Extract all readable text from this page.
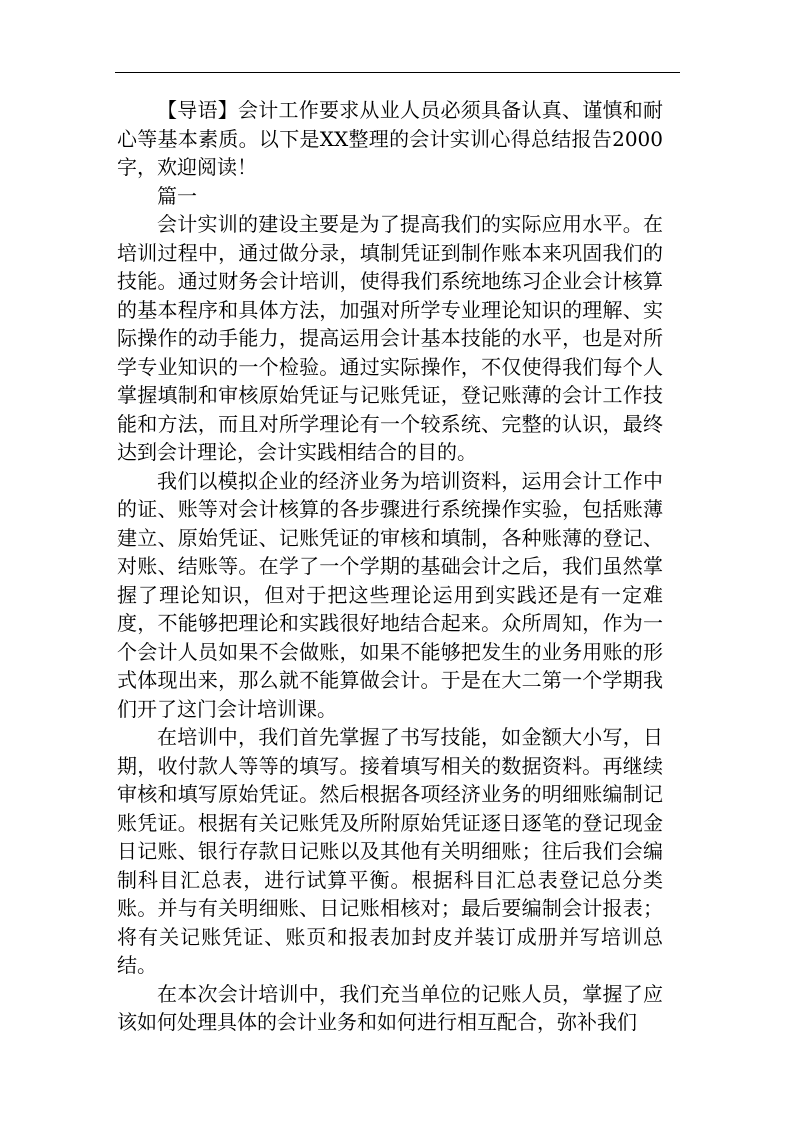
【导语】会计工作要求从业人员必须具备认真、谨慎和耐心等基本素质。以下是XX整理的会计实训心得总结报告2000字，欢迎阅读！

篇一

会计实训的建设主要是为了提高我们的实际应用水平。在培训过程中，通过做分录，填制凭证到制作账本来巩固我们的技能。通过财务会计培训，使得我们系统地练习企业会计核算的基本程序和具体方法，加强对所学专业理论知识的理解、实际操作的动手能力，提高运用会计基本技能的水平，也是对所学专业知识的一个检验。通过实际操作，不仅使得我们每个人掌握填制和审核原始凭证与记账凭证，登记账薄的会计工作技能和方法，而且对所学理论有一个较系统、完整的认识，最终达到会计理论，会计实践相结合的目的。

我们以模拟企业的经济业务为培训资料，运用会计工作中的证、账等对会计核算的各步骤进行系统操作实验，包括账薄建立、原始凭证、记账凭证的审核和填制，各种账薄的登记、对账、结账等。在学了一个学期的基础会计之后，我们虽然掌握了理论知识，但对于把这些理论运用到实践还是有一定难度，不能够把理论和实践很好地结合起来。众所周知，作为一个会计人员如果不会做账，如果不能够把发生的业务用账的形式体现出来，那么就不能算做会计。于是在大二第一个学期我们开了这门会计培训课。

在培训中，我们首先掌握了书写技能，如金额大小写，日期，收付款人等等的填写。接着填写相关的数据资料。再继续审核和填写原始凭证。然后根据各项经济业务的明细账编制记账凭证。根据有关记账凭及所附原始凭证逐日逐笔的登记现金日记账、银行存款日记账以及其他有关明细账；往后我们会编制科目汇总表，进行试算平衡。根据科目汇总表登记总分类账。并与有关明细账、日记账相核对；最后要编制会计报表；将有关记账凭证、账页和报表加封皮并装订成册并写培训总结。

在本次会计培训中，我们充当单位的记账人员，掌握了应该如何处理具体的会计业务和如何进行相互配合，弥补我们
